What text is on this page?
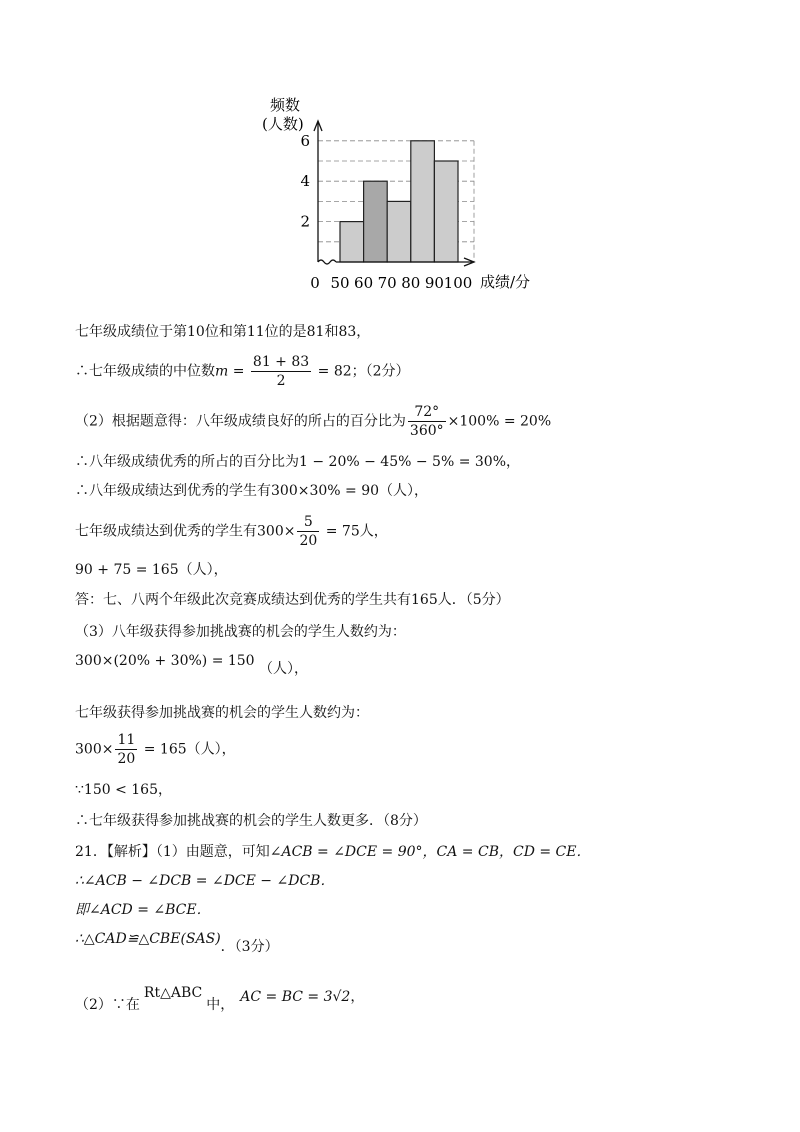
频数
(人数)
成绩/分
0 50 60 70 80 90 100
2
4
6
七年级成绩位于第10位和第11位的是81和83，
∴七年级成绩的中位数$m = \frac{81 + 83}{2} = 82$；（2分）
（2）根据题意得：八年级成绩良好的所占的百分比为 $\frac{72^\circ}{360^\circ} \times 100\% = 20\%$
∴八年级成绩优秀的所占的百分比为1 − 20% − 45% − 5% = 30%，
∴八年级成绩达到优秀的学生有300×30% = 90（人），
七年级成绩达到优秀的学生有$300\times \frac{5}{20} = 75$人，
90 + 75 = 165（人），
答：七、八两个年级此次竞赛成绩达到优秀的学生共有165人．（5分）
（3）八年级获得参加挑战赛的机会的学生人数约为：
300×(20% + 30%) = 150 （人），
七年级获得参加挑战赛的机会的学生人数约为：
$300\times \frac{11}{20} = 165$（人），
∵150 < 165，
∴七年级获得参加挑战赛的机会的学生人数更多．（8分）
21．【解析】（1）由题意，可知∠ACB = ∠DCE = 90°，CA = CB，CD = CE．
∴∠ACB − ∠DCB = ∠DCE − ∠DCB．
即∠ACD = ∠BCE．
∴△CAD≌△CBE(SAS)．（3分）
（2）∵在Rt△ABC中， AC = BC = 3√2，
